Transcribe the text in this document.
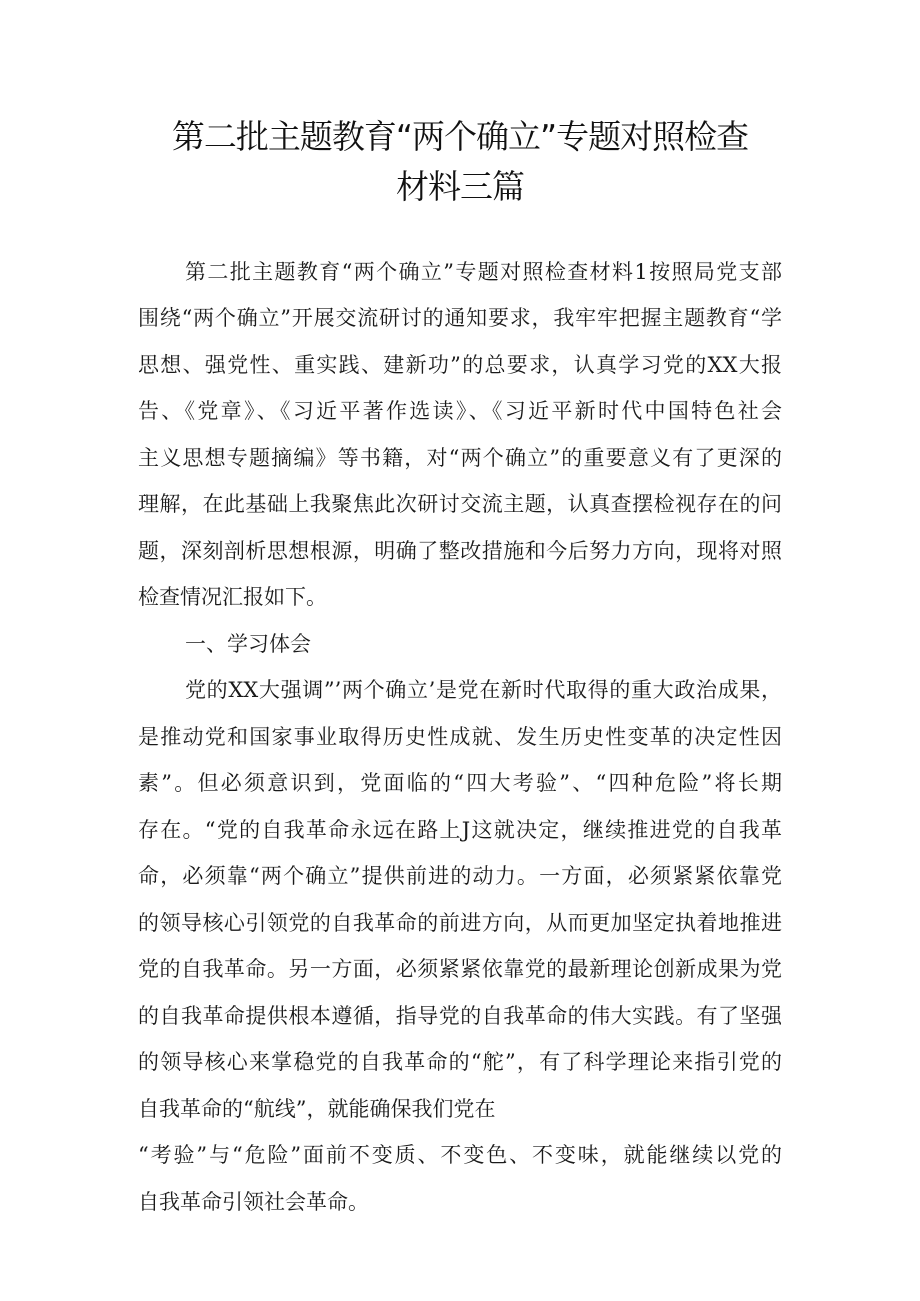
第二批主题教育“两个确立”专题对照检查
材料三篇

第二批主题教育“两个确立”专题对照检查材料1按照局党支部

围绕“两个确立”开展交流研讨的通知要求，我牢牢把握主题教育“学

思想、强党性、重实践、建新功”的总要求，认真学习党的XX大报

告、《党章》、《习近平著作选读》、《习近平新时代中国特色社会

主义思想专题摘编》等书籍，对“两个确立”的重要意义有了更深的

理解，在此基础上我聚焦此次研讨交流主题，认真查摆检视存在的问

题，深刻剖析思想根源，明确了整改措施和今后努力方向，现将对照

检查情况汇报如下。

一、学习体会

党的XX大强调”’两个确立’是党在新时代取得的重大政治成果，

是推动党和国家事业取得历史性成就、发生历史性变革的决定性因

素”。但必须意识到，党面临的“四大考验”、“四种危险”将长期

存在。“党的自我革命永远在路上J这就决定，继续推进党的自我革

命，必须靠“两个确立”提供前进的动力。一方面，必须紧紧依靠党

的领导核心引领党的自我革命的前进方向，从而更加坚定执着地推进

党的自我革命。另一方面，必须紧紧依靠党的最新理论创新成果为党

的自我革命提供根本遵循，指导党的自我革命的伟大实践。有了坚强

的领导核心来掌稳党的自我革命的“舵”，有了科学理论来指引党的

自我革命的“航线”，就能确保我们党在

“考验”与“危险”面前不变质、不变色、不变味，就能继续以党的

自我革命引领社会革命。
